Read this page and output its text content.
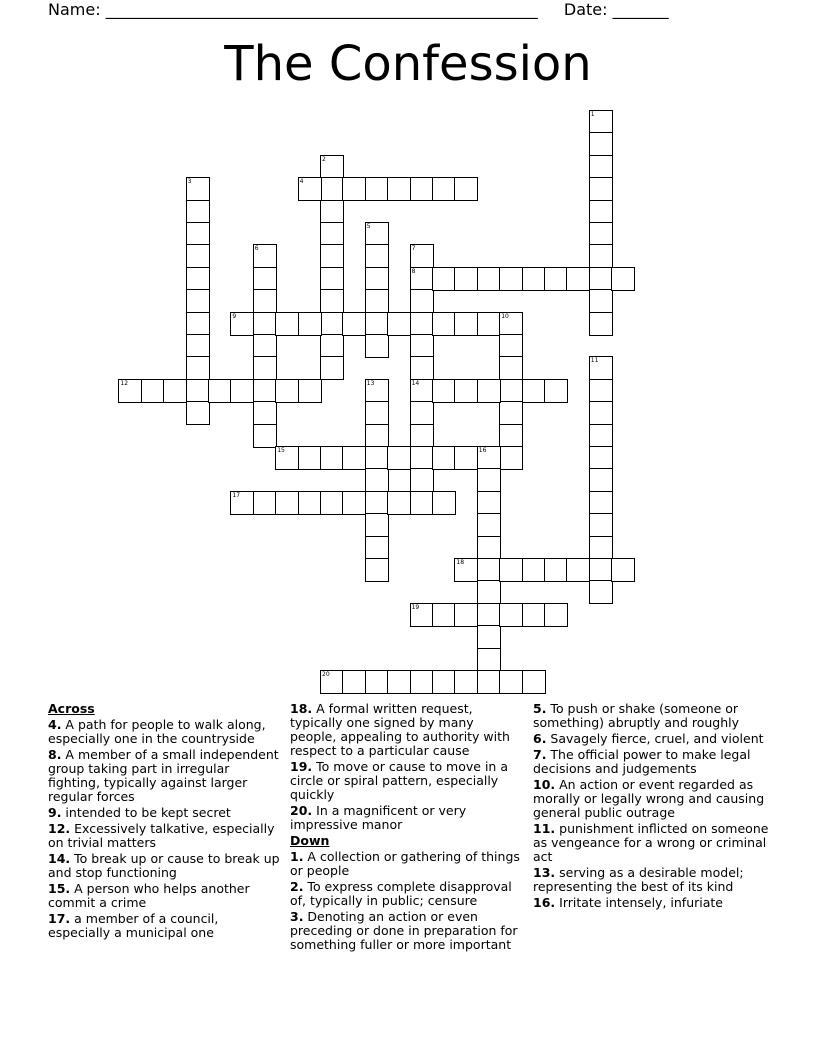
Name: ______________________________________________________ Date: _______
The Confession
1
2
3	4
5
6	7
8
9	10
11
12	13	14
15	16
17
18
19
20
Across
4. A path for people to walk along, especially one in the countryside
8. A member of a small independent group taking part in irregular fighting, typically against larger regular forces
9. intended to be kept secret
12. Excessively talkative, especially on trivial matters
14. To break up or cause to break up and stop functioning
15. A person who helps another commit a crime
17. a member of a council, especially a municipal one
18. A formal written request, typically one signed by many people, appealing to authority with respect to a particular cause
19. To move or cause to move in a circle or spiral pattern, especially quickly
20. In a magnificent or very impressive manor
Down
1. A collection or gathering of things or people
2. To express complete disapproval of, typically in public; censure
3. Denoting an action or even preceding or done in preparation for something fuller or more important
5. To push or shake (someone or something) abruptly and roughly
6. Savagely fierce, cruel, and violent
7. The official power to make legal decisions and judgements
10. An action or event regarded as morally or legally wrong and causing general public outrage
11. punishment inflicted on someone as vengeance for a wrong or criminal act
13. serving as a desirable model; representing the best of its kind
16. Irritate intensely, infuriate
